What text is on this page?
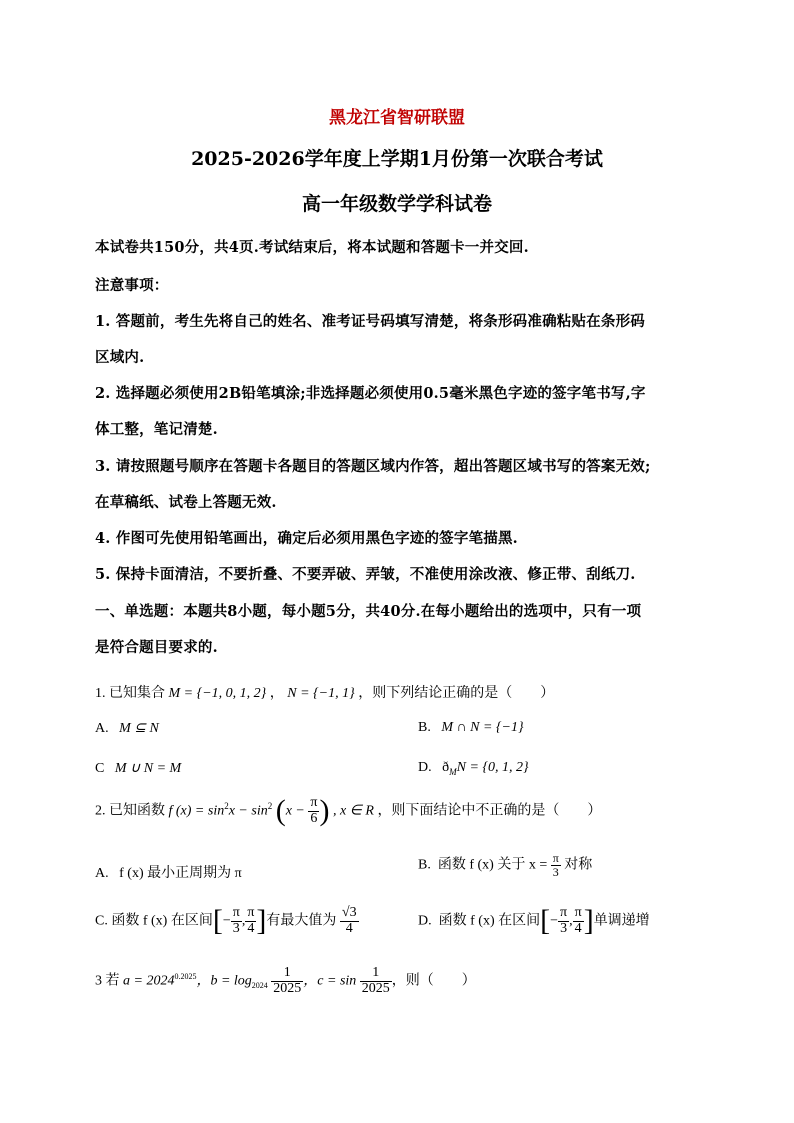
黑龙江省智研联盟
2025-2026学年度上学期1月份第一次联合考试
高一年级数学学科试卷
本试卷共150分，共4页.考试结束后，将本试题和答题卡一并交回.
注意事项：
1. 答题前，考生先将自己的姓名、准考证号码填写清楚，将条形码准确粘贴在条形码
区域内.
2. 选择题必须使用2B铅笔填涂;非选择题必须使用0.5毫米黑色字迹的签字笔书写,字
体工整，笔记清楚.
3. 请按照题号顺序在答题卡各题目的答题区域内作答，超出答题区域书写的答案无效;
在草稿纸、试卷上答题无效.
4. 作图可先使用铅笔画出，确定后必须用黑色字迹的签字笔描黑.
5. 保持卡面清洁，不要折叠、不要弄破、弄皱，不准使用涂改液、修正带、刮纸刀.
一、单选题：本题共8小题，每小题5分，共40分.在每小题给出的选项中，只有一项
是符合题目要求的.
1. 已知集合 M = {−1, 0, 1, 2} ， N = {−1, 1} ，则下列结论正确的是（　　）
A. M ⊆ N	B. M ∩ N = {−1}
C M ∪ N = M	D. $ð_MN = \{0$, 1, 2}
2. 已知函数 f $(x) = \sin^2x - \sin^2 (x - \frac{\pi}{6}$ ) , x ∈ R ，则下面结论中不正确的是（　　）
A. f (x) 最小正周期为 π
B. 函数 f (x) 关于 $x = \frac{\pi}{3}$ 对称
C. 函数 f (x) 在区间[− $\frac{\pi}{3}$ , $\frac{\pi}{4}$ ]有最大值为 $\frac{√3}{4}$	D. 函数 f (x) 在区间[− $\frac{\pi}{3}$ , $\frac{\pi}{4}$ ]单调递增
3 若 $a = 2024^{0.2025}$，$b = \log_{2024} \frac{1}{2025}$ ，$c = \sin \frac{1}{2025}$ ，则（　　）
